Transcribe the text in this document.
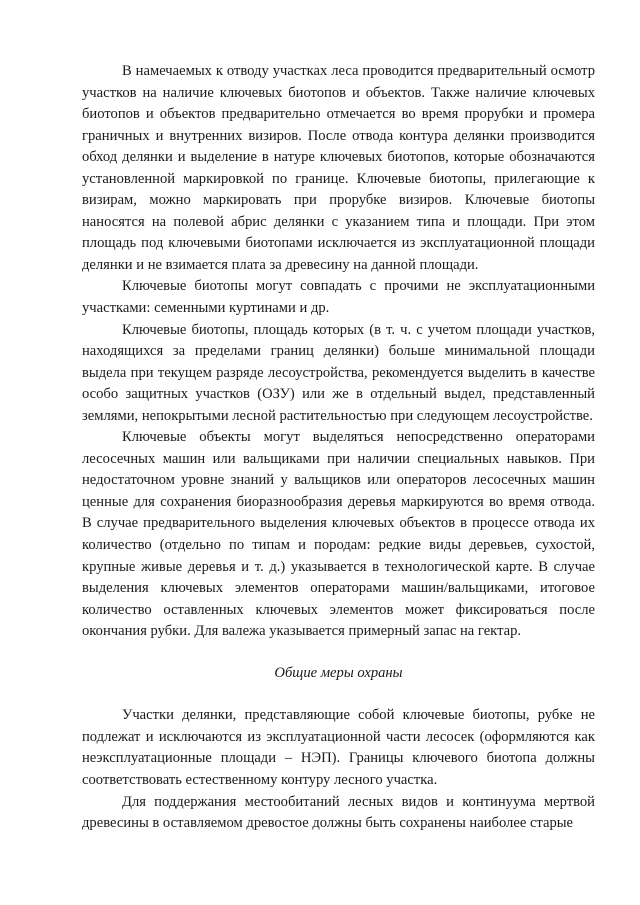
В намечаемых к отводу участках леса проводится предварительный осмотр участков на наличие ключевых биотопов и объектов. Также наличие ключевых биотопов и объектов предварительно отмечается во время прорубки и промера граничных и внутренних визиров. После отвода контура делянки производится обход делянки и выделение в натуре ключевых биотопов, которые обозначаются установленной маркировкой по границе. Ключевые биотопы, прилегающие к визирам, можно маркировать при прорубке визиров. Ключевые биотопы наносятся на полевой абрис делянки с указанием типа и площади. При этом площадь под ключевыми биотопами исключается из эксплуатационной площади делянки и не взимается плата за древесину на данной площади.

Ключевые биотопы могут совпадать с прочими не эксплуатационными участками: семенными куртинами и др.

Ключевые биотопы, площадь которых (в т. ч. с учетом площади участков, находящихся за пределами границ делянки) больше минимальной площади выдела при текущем разряде лесоустройства, рекомендуется выделить в качестве особо защитных участков (ОЗУ) или же в отдельный выдел, представленный землями, непокрытыми лесной растительностью при следующем лесоустройстве.

Ключевые объекты могут выделяться непосредственно операторами лесосечных машин или вальщиками при наличии специальных навыков. При недостаточном уровне знаний у вальщиков или операторов лесосечных машин ценные для сохранения биоразнообразия деревья маркируются во время отвода. В случае предварительного выделения ключевых объектов в процессе отвода их количество (отдельно по типам и породам: редкие виды деревьев, сухостой, крупные живые деревья и т. д.) указывается в технологической карте. В случае выделения ключевых элементов операторами машин/вальщиками, итоговое количество оставленных ключевых элементов может фиксироваться после окончания рубки. Для валежа указывается примерный запас на гектар.

Общие меры охраны

Участки делянки, представляющие собой ключевые биотопы, рубке не подлежат и исключаются из эксплуатационной части лесосек (оформляются как неэксплуатационные площади – НЭП). Границы ключевого биотопа должны соответствовать естественному контуру лесного участка.

Для поддержания местообитаний лесных видов и континуума мертвой древесины в оставляемом древостое должны быть сохранены наиболее старые
